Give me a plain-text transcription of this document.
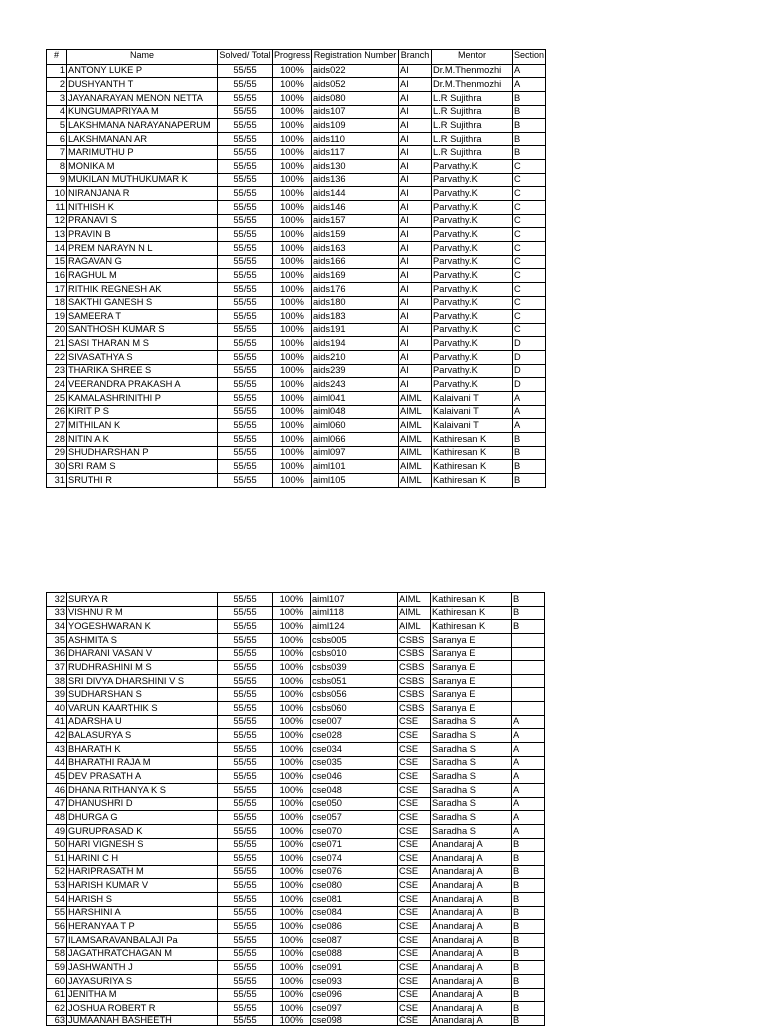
#	Name	Solved/ Total	Progress	Registration Number	Branch	Mentor	Section
1	ANTONY LUKE P	55/55	100%	aids022	AI	Dr.M.Thenmozhi	A
2	DUSHYANTH T	55/55	100%	aids052	AI	Dr.M.Thenmozhi	A
3	JAYANARAYAN MENON NETTA	55/55	100%	aids080	AI	L.R Sujithra	B
4	KUNGUMAPRIYAA M	55/55	100%	aids107	AI	L.R Sujithra	B
5	LAKSHMANA NARAYANAPERUM	55/55	100%	aids109	AI	L.R Sujithra	B
6	LAKSHMANAN AR	55/55	100%	aids110	AI	L.R Sujithra	B
7	MARIMUTHU P	55/55	100%	aids117	AI	L.R Sujithra	B
8	MONIKA M	55/55	100%	aids130	AI	Parvathy.K	C
9	MUKILAN MUTHUKUMAR K	55/55	100%	aids136	AI	Parvathy.K	C
10	NIRANJANA R	55/55	100%	aids144	AI	Parvathy.K	C
11	NITHISH K	55/55	100%	aids146	AI	Parvathy.K	C
12	PRANAVI S	55/55	100%	aids157	AI	Parvathy.K	C
13	PRAVIN B	55/55	100%	aids159	AI	Parvathy.K	C
14	PREM NARAYN N L	55/55	100%	aids163	AI	Parvathy.K	C
15	RAGAVAN G	55/55	100%	aids166	AI	Parvathy.K	C
16	RAGHUL M	55/55	100%	aids169	AI	Parvathy.K	C
17	RITHIK REGNESH AK	55/55	100%	aids176	AI	Parvathy.K	C
18	SAKTHI GANESH S	55/55	100%	aids180	AI	Parvathy.K	C
19	SAMEERA T	55/55	100%	aids183	AI	Parvathy.K	C
20	SANTHOSH KUMAR S	55/55	100%	aids191	AI	Parvathy.K	C
21	SASI THARAN M S	55/55	100%	aids194	AI	Parvathy.K	D
22	SIVASATHYA S	55/55	100%	aids210	AI	Parvathy.K	D
23	THARIKA SHREE S	55/55	100%	aids239	AI	Parvathy.K	D
24	VEERANDRA PRAKASH A	55/55	100%	aids243	AI	Parvathy.K	D
25	KAMALASHRINITHI P	55/55	100%	aiml041	AIML	Kalaivani T	A
26	KIRIT P S	55/55	100%	aiml048	AIML	Kalaivani T	A
27	MITHILAN K	55/55	100%	aiml060	AIML	Kalaivani T	A
28	NITIN A K	55/55	100%	aiml066	AIML	Kathiresan K	B
29	SHUDHARSHAN P	55/55	100%	aiml097	AIML	Kathiresan K	B
30	SRI RAM S	55/55	100%	aiml101	AIML	Kathiresan K	B
31	SRUTHI R	55/55	100%	aiml105	AIML	Kathiresan K	B
32	SURYA R	55/55	100%	aiml107	AIML	Kathiresan K	B
33	VISHNU R M	55/55	100%	aiml118	AIML	Kathiresan K	B
34	YOGESHWARAN K	55/55	100%	aiml124	AIML	Kathiresan K	B
35	ASHMITA S	55/55	100%	csbs005	CSBS	Saranya E	
36	DHARANI VASAN V	55/55	100%	csbs010	CSBS	Saranya E	
37	RUDHRASHINI M S	55/55	100%	csbs039	CSBS	Saranya E	
38	SRI DIVYA DHARSHINI V S	55/55	100%	csbs051	CSBS	Saranya E	
39	SUDHARSHAN S	55/55	100%	csbs056	CSBS	Saranya E	
40	VARUN KAARTHIK S	55/55	100%	csbs060	CSBS	Saranya E	
41	ADARSHA U	55/55	100%	cse007	CSE	Saradha S	A
42	BALASURYA S	55/55	100%	cse028	CSE	Saradha S	A
43	BHARATH K	55/55	100%	cse034	CSE	Saradha S	A
44	BHARATHI RAJA M	55/55	100%	cse035	CSE	Saradha S	A
45	DEV PRASATH A	55/55	100%	cse046	CSE	Saradha S	A
46	DHANA RITHANYA K S	55/55	100%	cse048	CSE	Saradha S	A
47	DHANUSHRI D	55/55	100%	cse050	CSE	Saradha S	A
48	DHURGA G	55/55	100%	cse057	CSE	Saradha S	A
49	GURUPRASAD K	55/55	100%	cse070	CSE	Saradha S	A
50	HARI VIGNESH S	55/55	100%	cse071	CSE	Anandaraj A	B
51	HARINI C H	55/55	100%	cse074	CSE	Anandaraj A	B
52	HARIPRASATH M	55/55	100%	cse076	CSE	Anandaraj A	B
53	HARISH KUMAR V	55/55	100%	cse080	CSE	Anandaraj A	B
54	HARISH S	55/55	100%	cse081	CSE	Anandaraj A	B
55	HARSHINI A	55/55	100%	cse084	CSE	Anandaraj A	B
56	HERANYAA T P	55/55	100%	cse086	CSE	Anandaraj A	B
57	ILAMSARAVANBALAJI Pa	55/55	100%	cse087	CSE	Anandaraj A	B
58	JAGATHRATCHAGAN M	55/55	100%	cse088	CSE	Anandaraj A	B
59	JASHWANTH J	55/55	100%	cse091	CSE	Anandaraj A	B
60	JAYASURIYA S	55/55	100%	cse093	CSE	Anandaraj A	B
61	JENITHA M	55/55	100%	cse096	CSE	Anandaraj A	B
62	JOSHUA ROBERT R	55/55	100%	cse097	CSE	Anandaraj A	B
63	JUMAANAH BASHEETH	55/55	100%	cse098	CSE	Anandaraj A	B
